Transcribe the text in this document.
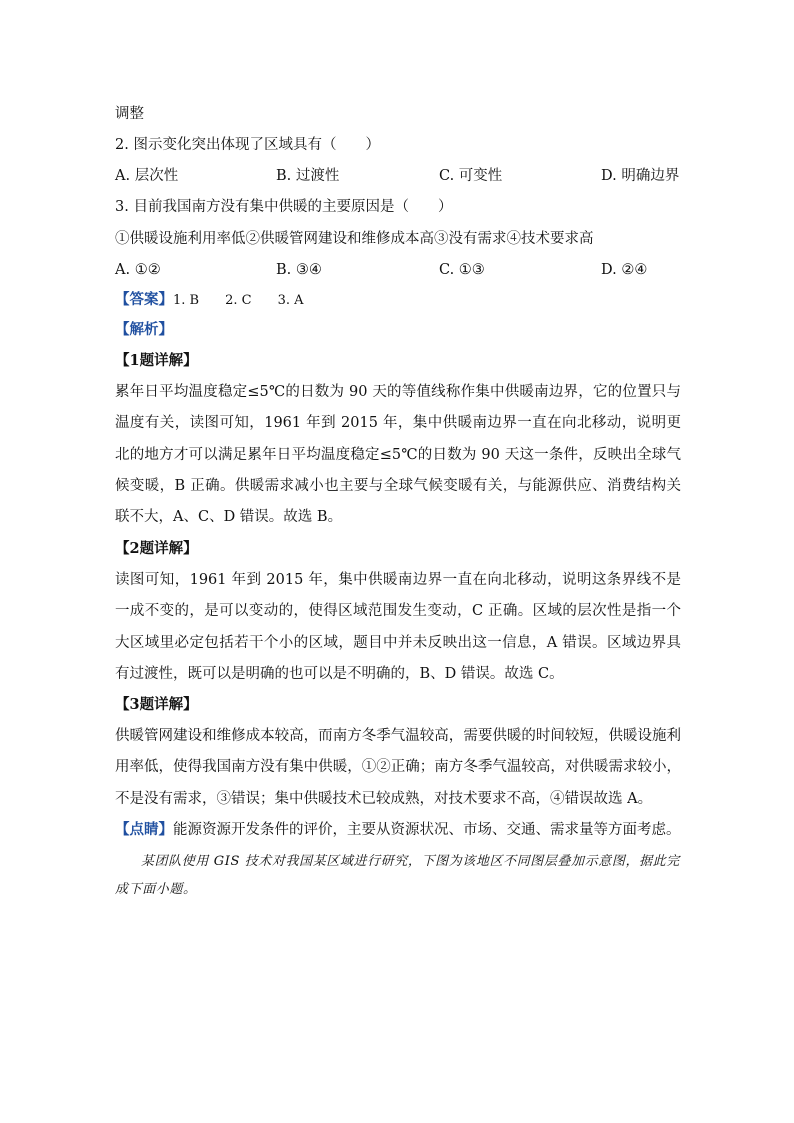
调整
2. 图示变化突出体现了区域具有（　　）
A. 层次性	B. 过渡性	C. 可变性	D. 明确边界
3. 目前我国南方没有集中供暖的主要原因是（　　）
①供暖设施利用率低②供暖管网建设和维修成本高③没有需求④技术要求高
A. ①②	B. ③④	C. ①③	D. ②④
【答案】1. B　　2. C　　3. A
【解析】
【1题详解】
累年日平均温度稳定≤5℃的日数为 90 天的等值线称作集中供暖南边界，它的位置只与温度有关，读图可知，1961 年到 2015 年，集中供暖南边界一直在向北移动，说明更北的地方才可以满足累年日平均温度稳定≤5℃的日数为 90 天这一条件，反映出全球气候变暖，B 正确。供暖需求减小也主要与全球气候变暖有关，与能源供应、消费结构关联不大，A、C、D 错误。故选 B。
【2题详解】
读图可知，1961 年到 2015 年，集中供暖南边界一直在向北移动，说明这条界线不是一成不变的，是可以变动的，使得区域范围发生变动，C 正确。区域的层次性是指一个大区域里必定包括若干个小的区域，题目中并未反映出这一信息，A 错误。区域边界具有过渡性，既可以是明确的也可以是不明确的，B、D 错误。故选 C。
【3题详解】
供暖管网建设和维修成本较高，而南方冬季气温较高，需要供暖的时间较短，供暖设施利用率低，使得我国南方没有集中供暖，①②正确；南方冬季气温较高，对供暖需求较小，不是没有需求，③错误；集中供暖技术已较成熟，对技术要求不高，④错误故选 A。
【点睛】能源资源开发条件的评价，主要从资源状况、市场、交通、需求量等方面考虑。
某团队使用 GIS 技术对我国某区域进行研究，下图为该地区不同图层叠加示意图，据此完成下面小题。
